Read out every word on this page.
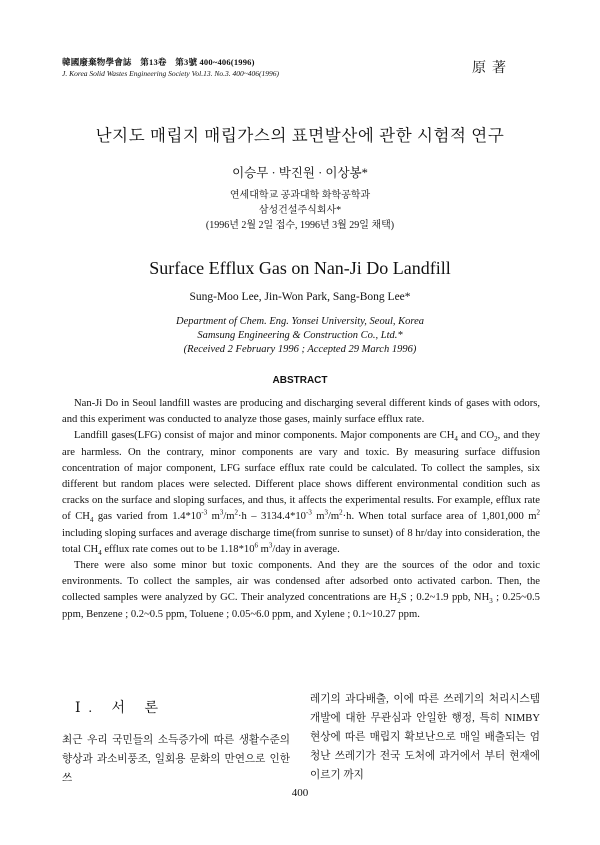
韓國廢棄物學會誌　第13卷　第3號 400~406(1996)
J. Korea Solid Wastes Engineering Society Vol.13. No.3. 400~406(1996)	原著
난지도 매립지 매립가스의 표면발산에 관한 시험적 연구
이승무 · 박진원 · 이상봉*
연세대학교 공과대학 화학공학과
삼성건설주식회사*
(1996년 2월 2일 접수, 1996년 3월 29일 채택)
Surface Efflux Gas on Nan-Ji Do Landfill
Sung-Moo Lee, Jin-Won Park, Sang-Bong Lee*
Department of Chem. Eng. Yonsei University, Seoul, Korea
Samsung Engineering & Construction Co., Ltd.*
(Received 2 February 1996 ; Accepted 29 March 1996)
ABSTRACT

Nan-Ji Do in Seoul landfill wastes are producing and discharging several different kinds of gases with odors, and this experiment was conducted to analyze those gases, mainly surface efflux rate.

Landfill gases(LFG) consist of major and minor components. Major components are $CH_4$ and $CO_2$, and they are harmless. On the contrary, minor components are vary and toxic. By measuring surface diffusion concentration of major component, LFG surface efflux rate could be calculated. To collect the samples, six different but random places were selected. Different place shows different environmental condition such as cracks on the surface and sloping surfaces, and thus, it affects the experimental results. For example, efflux rate of $CH_4$ gas varied from $1.4*10^{-3}$ $m^3/m^2\cdot h - 3134.4*10^{-3}$ $m^3/m^2\cdot h$. When total surface area of 1,801,000 $m^2$ including sloping surfaces and average discharge time(from sunrise to sunset) of 8 hr/day into consideration, the total $CH_4$ efflux rate comes out to be $1.18*10^6$ $m^3$/day in average.

There were also some minor but toxic components. And they are the sources of the odor and toxic environments. To collect the samples, air was condensed after adsorbed onto activated carbon. Then, the collected samples were analyzed by GC. Their analyzed concentrations are $H_2S$ ; 0.2~1.9 ppb, $NH_3$ ; 0.25~0.5 ppm, Benzene ; 0.2~0.5 ppm, Toluene ; 0.05~6.0 ppm, and Xylene ; 0.1~10.27 ppm.

Ⅰ. 서 론
최근 우리 국민들의 소득증가에 따른 생활수준의 향상과 과소비풍조, 일회용 문화의 만연으로 인한 쓰
레기의 과다배출, 이에 따른 쓰레기의 처리시스템 개발에 대한 무관심과 안일한 행정, 특히 NIMBY 현상에 따른 매립지 확보난으로 매일 배출되는 엄청난 쓰레기가 전국 도처에 과거에서 부터 현재에 이르기 까지
400
